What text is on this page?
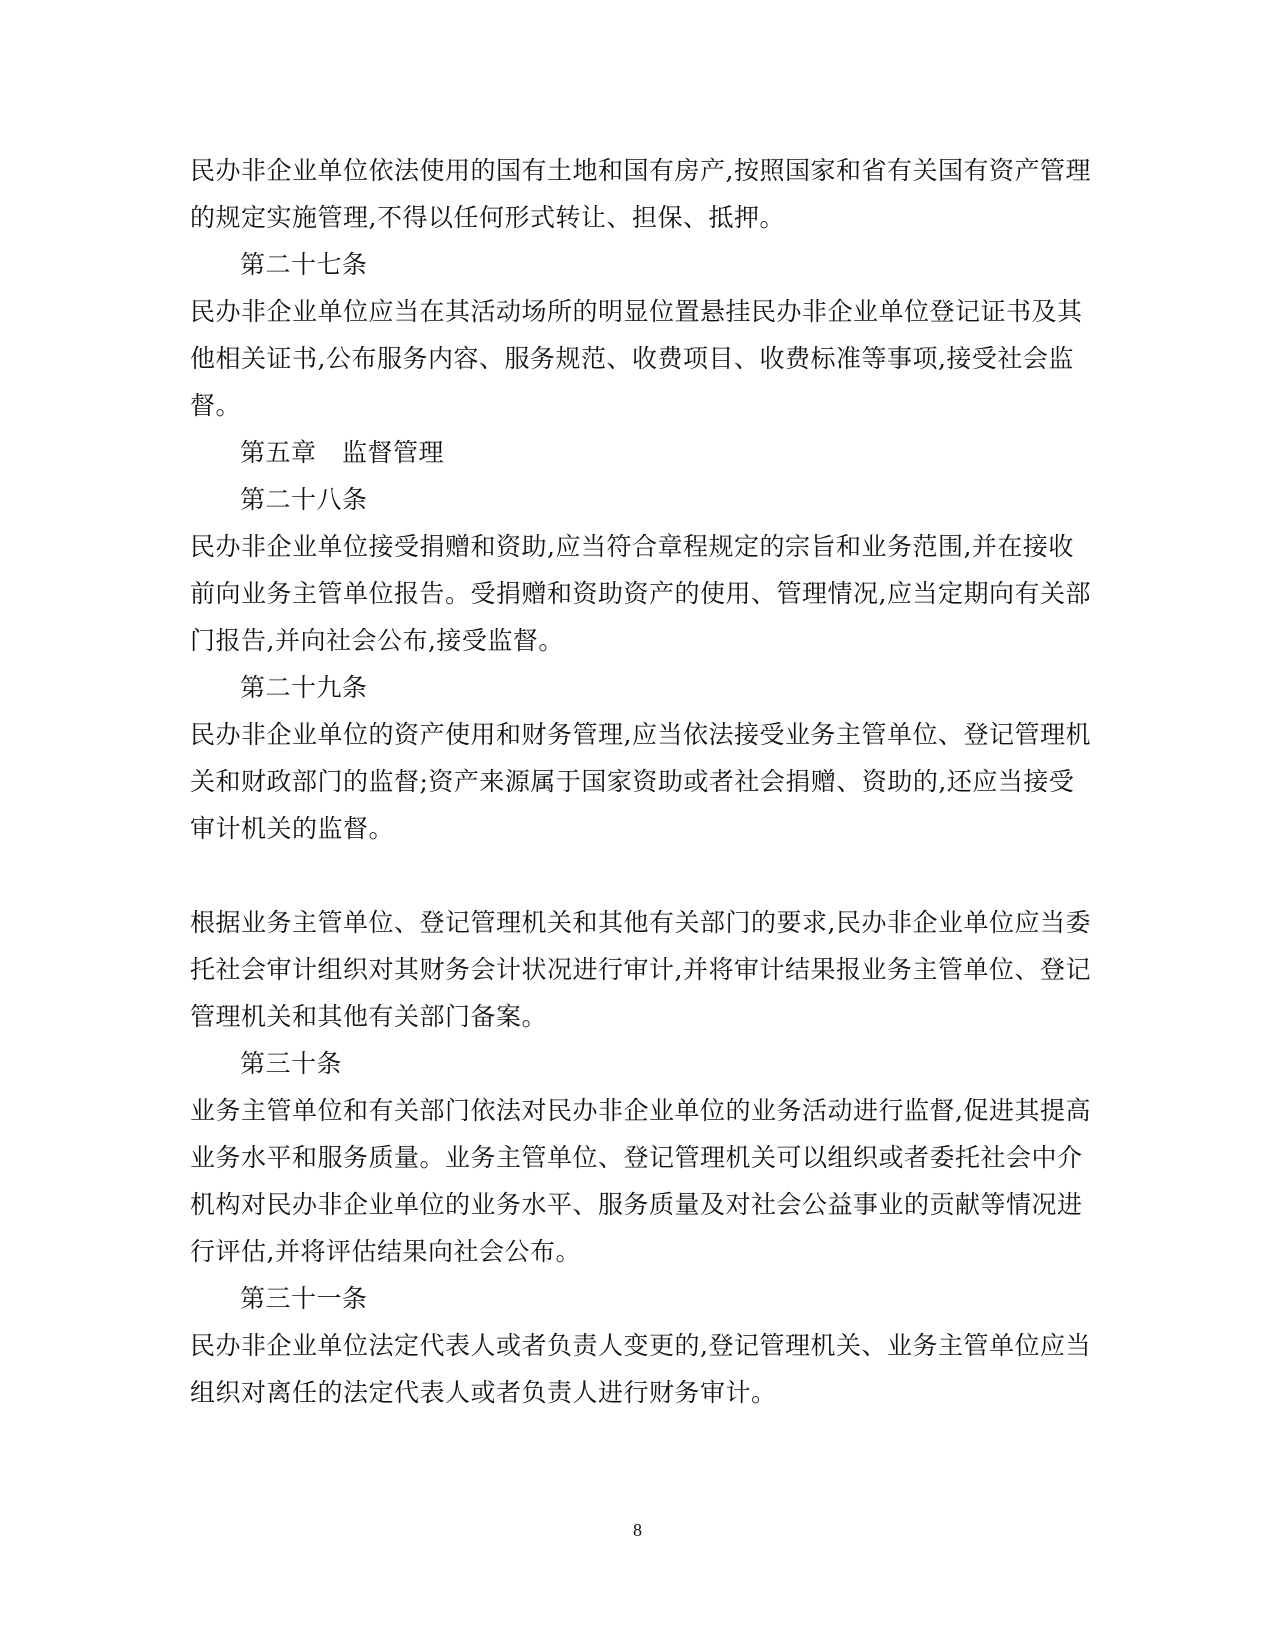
民办非企业单位依法使用的国有土地和国有房产,按照国家和省有关国有资产管理
的规定实施管理,不得以任何形式转让、担保、抵押。
第二十七条
民办非企业单位应当在其活动场所的明显位置悬挂民办非企业单位登记证书及其
他相关证书,公布服务内容、服务规范、收费项目、收费标准等事项,接受社会监
督。
第五章　监督管理
第二十八条
民办非企业单位接受捐赠和资助,应当符合章程规定的宗旨和业务范围,并在接收
前向业务主管单位报告。受捐赠和资助资产的使用、管理情况,应当定期向有关部
门报告,并向社会公布,接受监督。
第二十九条
民办非企业单位的资产使用和财务管理,应当依法接受业务主管单位、登记管理机
关和财政部门的监督;资产来源属于国家资助或者社会捐赠、资助的,还应当接受
审计机关的监督。
根据业务主管单位、登记管理机关和其他有关部门的要求,民办非企业单位应当委
托社会审计组织对其财务会计状况进行审计,并将审计结果报业务主管单位、登记
管理机关和其他有关部门备案。
第三十条
业务主管单位和有关部门依法对民办非企业单位的业务活动进行监督,促进其提高
业务水平和服务质量。业务主管单位、登记管理机关可以组织或者委托社会中介
机构对民办非企业单位的业务水平、服务质量及对社会公益事业的贡献等情况进
行评估,并将评估结果向社会公布。
第三十一条
民办非企业单位法定代表人或者负责人变更的,登记管理机关、业务主管单位应当
组织对离任的法定代表人或者负责人进行财务审计。
8
